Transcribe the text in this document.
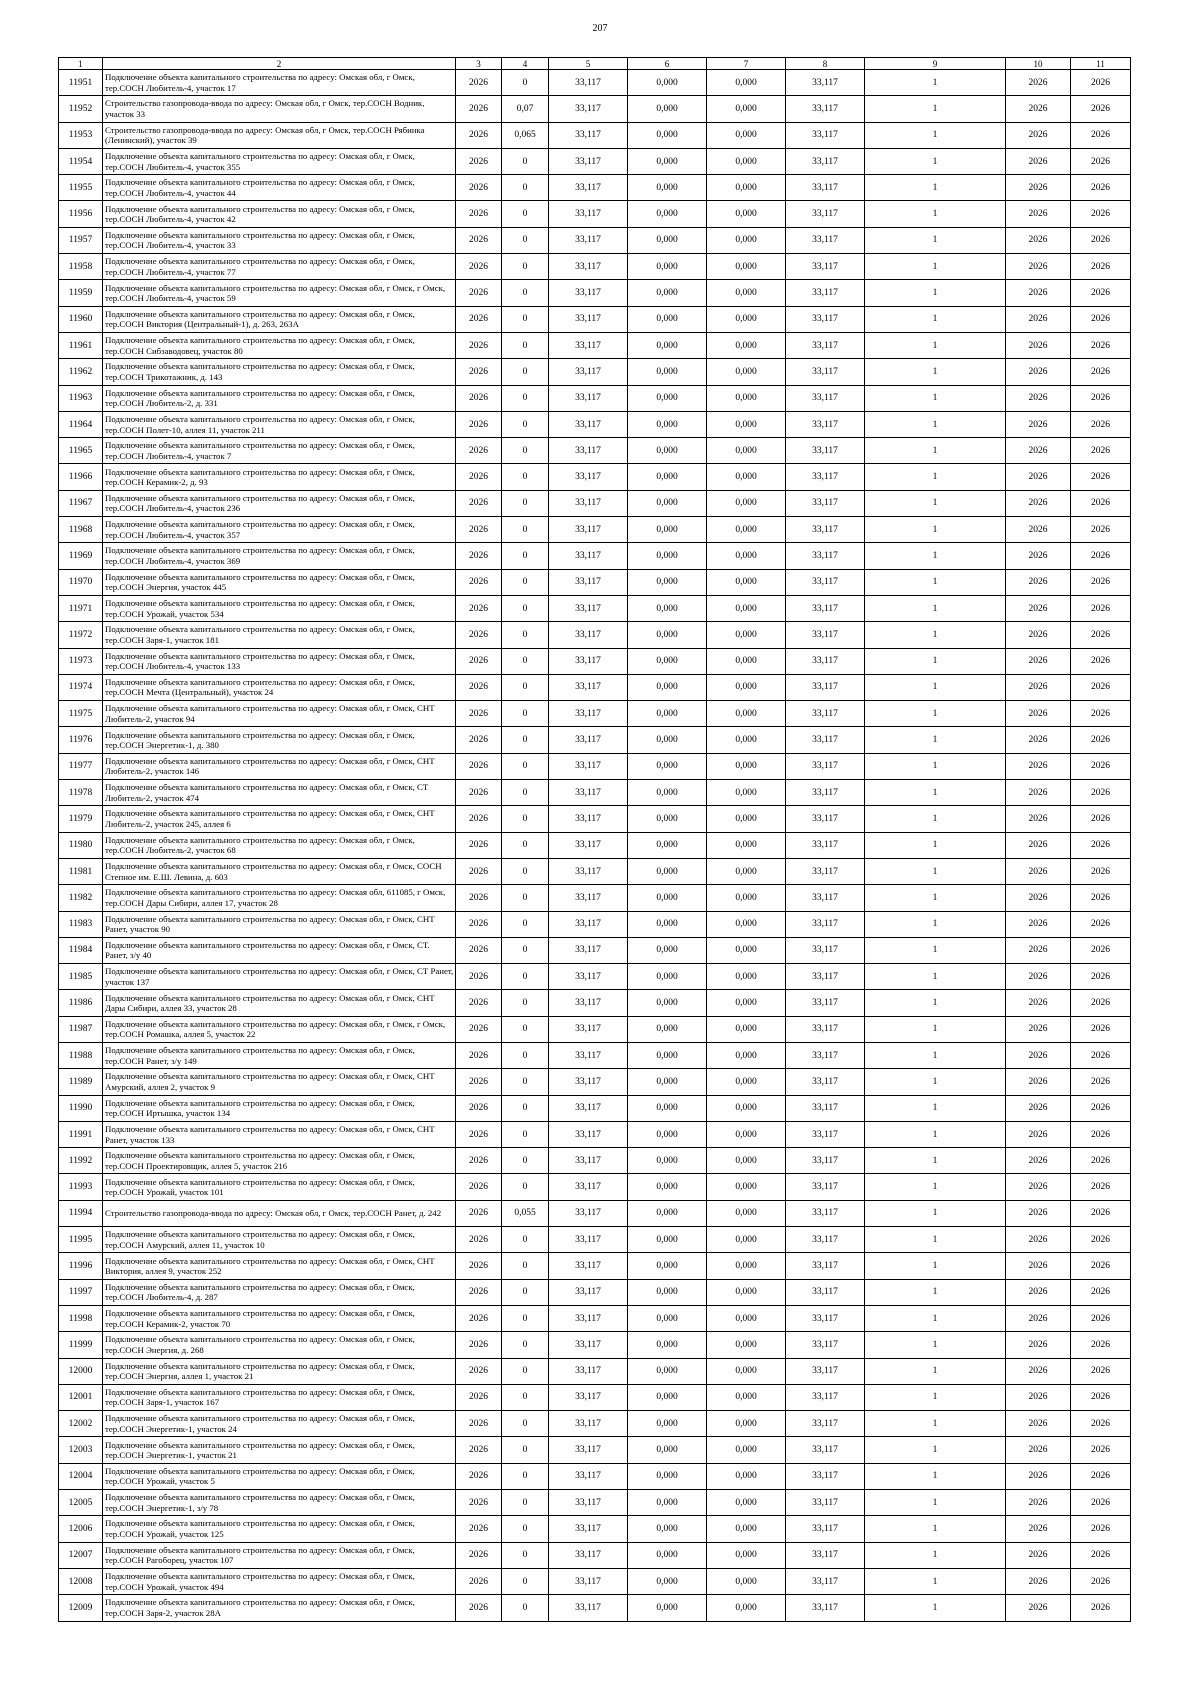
207
1	2	3	4	5	6	7	8	9	10	11
11951	Подключение объекта капитального строительства по адресу: Омская обл, г Омск, тер.СОСН Любитель-4, участок 17	2026	0	33,117	0,000	0,000	33,117	1	2026	2026
11952	Строительство газопровода-ввода по адресу: Омская обл, г Омск, тер.СОСН Водник, участок 33	2026	0,07	33,117	0,000	0,000	33,117	1	2026	2026
11953	Строительство газопровода-ввода по адресу: Омская обл, г Омск, тер.СОСН Рябинка (Ленинский), участок 39	2026	0,065	33,117	0,000	0,000	33,117	1	2026	2026
11954	Подключение объекта капитального строительства по адресу: Омская обл, г Омск, тер.СОСН Любитель-4, участок 355	2026	0	33,117	0,000	0,000	33,117	1	2026	2026
11955	Подключение объекта капитального строительства по адресу: Омская обл, г Омск, тер.СОСН Любитель-4, участок 44	2026	0	33,117	0,000	0,000	33,117	1	2026	2026
11956	Подключение объекта капитального строительства по адресу: Омская обл, г Омск, тер.СОСН Любитель-4, участок 42	2026	0	33,117	0,000	0,000	33,117	1	2026	2026
11957	Подключение объекта капитального строительства по адресу: Омская обл, г Омск, тер.СОСН Любитель-4, участок 33	2026	0	33,117	0,000	0,000	33,117	1	2026	2026
11958	Подключение объекта капитального строительства по адресу: Омская обл, г Омск, тер.СОСН Любитель-4, участок 77	2026	0	33,117	0,000	0,000	33,117	1	2026	2026
11959	Подключение объекта капитального строительства по адресу: Омская обл, г Омск, г Омск, тер.СОСН Любитель-4, участок 59	2026	0	33,117	0,000	0,000	33,117	1	2026	2026
11960	Подключение объекта капитального строительства по адресу: Омская обл, г Омск, тер.СОСН Виктория (Центральный-1), д. 263, 263А	2026	0	33,117	0,000	0,000	33,117	1	2026	2026
11961	Подключение объекта капитального строительства по адресу: Омская обл, г Омск, тер.СОСН Сибзаводовец, участок 80	2026	0	33,117	0,000	0,000	33,117	1	2026	2026
11962	Подключение объекта капитального строительства по адресу: Омская обл, г Омск, тер.СОСН Трикотажник, д. 143	2026	0	33,117	0,000	0,000	33,117	1	2026	2026
11963	Подключение объекта капитального строительства по адресу: Омская обл, г Омск, тер.СОСН Любитель-2, д. 331	2026	0	33,117	0,000	0,000	33,117	1	2026	2026
11964	Подключение объекта капитального строительства по адресу: Омская обл, г Омск, тер.СОСН Полет-10, аллея 11, участок 211	2026	0	33,117	0,000	0,000	33,117	1	2026	2026
11965	Подключение объекта капитального строительства по адресу: Омская обл, г Омск, тер.СОСН Любитель-4, участок 7	2026	0	33,117	0,000	0,000	33,117	1	2026	2026
11966	Подключение объекта капитального строительства по адресу: Омская обл, г Омск, тер.СОСН Керамик-2, д. 93	2026	0	33,117	0,000	0,000	33,117	1	2026	2026
11967	Подключение объекта капитального строительства по адресу: Омская обл, г Омск, тер.СОСН Любитель-4, участок 236	2026	0	33,117	0,000	0,000	33,117	1	2026	2026
11968	Подключение объекта капитального строительства по адресу: Омская обл, г Омск, тер.СОСН Любитель-4, участок 357	2026	0	33,117	0,000	0,000	33,117	1	2026	2026
11969	Подключение объекта капитального строительства по адресу: Омская обл, г Омск, тер.СОСН Любитель-4, участок 369	2026	0	33,117	0,000	0,000	33,117	1	2026	2026
11970	Подключение объекта капитального строительства по адресу: Омская обл, г Омск, тер.СОСН Энергия, участок 445	2026	0	33,117	0,000	0,000	33,117	1	2026	2026
11971	Подключение объекта капитального строительства по адресу: Омская обл, г Омск, тер.СОСН Урожай, участок 534	2026	0	33,117	0,000	0,000	33,117	1	2026	2026
11972	Подключение объекта капитального строительства по адресу: Омская обл, г Омск, тер.СОСН Заря-1, участок 181	2026	0	33,117	0,000	0,000	33,117	1	2026	2026
11973	Подключение объекта капитального строительства по адресу: Омская обл, г Омск, тер.СОСН Любитель-4, участок 133	2026	0	33,117	0,000	0,000	33,117	1	2026	2026
11974	Подключение объекта капитального строительства по адресу: Омская обл, г Омск, тер.СОСН Мечта (Центральный), участок 24	2026	0	33,117	0,000	0,000	33,117	1	2026	2026
11975	Подключение объекта капитального строительства по адресу: Омская обл, г Омск, СНТ Любитель-2, участок 94	2026	0	33,117	0,000	0,000	33,117	1	2026	2026
11976	Подключение объекта капитального строительства по адресу: Омская обл, г Омск, тер.СОСН Энергетик-1, д. 380	2026	0	33,117	0,000	0,000	33,117	1	2026	2026
11977	Подключение объекта капитального строительства по адресу: Омская обл, г Омск, СНТ Любитель-2, участок 146	2026	0	33,117	0,000	0,000	33,117	1	2026	2026
11978	Подключение объекта капитального строительства по адресу: Омская обл, г Омск, СТ Любитель-2, участок 474	2026	0	33,117	0,000	0,000	33,117	1	2026	2026
11979	Подключение объекта капитального строительства по адресу: Омская обл, г Омск, СНТ Любитель-2, участок 245, аллея 6	2026	0	33,117	0,000	0,000	33,117	1	2026	2026
11980	Подключение объекта капитального строительства по адресу: Омская обл, г Омск, тер.СОСН Любитель-2, участок 68	2026	0	33,117	0,000	0,000	33,117	1	2026	2026
11981	Подключение объекта капитального строительства по адресу: Омская обл, г Омск, СОСН Степное им. Е.Ш. Левина, д. 603	2026	0	33,117	0,000	0,000	33,117	1	2026	2026
11982	Подключение объекта капитального строительства по адресу: Омская обл, 611085, г Омск, тер.СОСН Дары Сибири, аллея 17, участок 28	2026	0	33,117	0,000	0,000	33,117	1	2026	2026
11983	Подключение объекта капитального строительства по адресу: Омская обл, г Омск, СНТ Ранет, участок 90	2026	0	33,117	0,000	0,000	33,117	1	2026	2026
11984	Подключение объекта капитального строительства по адресу: Омская обл, г Омск, СТ. Ранет, з/у 40	2026	0	33,117	0,000	0,000	33,117	1	2026	2026
11985	Подключение объекта капитального строительства по адресу: Омская обл, г Омск, СТ Ранет, участок 137	2026	0	33,117	0,000	0,000	33,117	1	2026	2026
11986	Подключение объекта капитального строительства по адресу: Омская обл, г Омск, СНТ Дары Сибири, аллея 33, участок 28	2026	0	33,117	0,000	0,000	33,117	1	2026	2026
11987	Подключение объекта капитального строительства по адресу: Омская обл, г Омск, г Омск, тер.СОСН Ромашка, аллея 5, участок 22	2026	0	33,117	0,000	0,000	33,117	1	2026	2026
11988	Подключение объекта капитального строительства по адресу: Омская обл, г Омск, тер.СОСН Ранет, з/у 149	2026	0	33,117	0,000	0,000	33,117	1	2026	2026
11989	Подключение объекта капитального строительства по адресу: Омская обл, г Омск, СНТ Амурский, аллея 2, участок 9	2026	0	33,117	0,000	0,000	33,117	1	2026	2026
11990	Подключение объекта капитального строительства по адресу: Омская обл, г Омск, тер.СОСН Иртышка, участок 134	2026	0	33,117	0,000	0,000	33,117	1	2026	2026
11991	Подключение объекта капитального строительства по адресу: Омская обл, г Омск, СНТ Ранет, участок 133	2026	0	33,117	0,000	0,000	33,117	1	2026	2026
11992	Подключение объекта капитального строительства по адресу: Омская обл, г Омск, тер.СОСН Проектировщик, аллея 5, участок 216	2026	0	33,117	0,000	0,000	33,117	1	2026	2026
11993	Подключение объекта капитального строительства по адресу: Омская обл, г Омск, тер.СОСН Урожай, участок 101	2026	0	33,117	0,000	0,000	33,117	1	2026	2026
11994	Строительство газопровода-ввода по адресу: Омская обл, г Омск, тер.СОСН Ранет, д. 242	2026	0,055	33,117	0,000	0,000	33,117	1	2026	2026
11995	Подключение объекта капитального строительства по адресу: Омская обл, г Омск, тер.СОСН Амурский, аллея 11, участок 10	2026	0	33,117	0,000	0,000	33,117	1	2026	2026
11996	Подключение объекта капитального строительства по адресу: Омская обл, г Омск, СНТ Виктория, аллея 9, участок 252	2026	0	33,117	0,000	0,000	33,117	1	2026	2026
11997	Подключение объекта капитального строительства по адресу: Омская обл, г Омск, тер.СОСН Любитель-4, д. 287	2026	0	33,117	0,000	0,000	33,117	1	2026	2026
11998	Подключение объекта капитального строительства по адресу: Омская обл, г Омск, тер.СОСН Керамик-2, участок 70	2026	0	33,117	0,000	0,000	33,117	1	2026	2026
11999	Подключение объекта капитального строительства по адресу: Омская обл, г Омск, тер.СОСН Энергия, д. 268	2026	0	33,117	0,000	0,000	33,117	1	2026	2026
12000	Подключение объекта капитального строительства по адресу: Омская обл, г Омск, тер.СОСН Энергия, аллея 1, участок 21	2026	0	33,117	0,000	0,000	33,117	1	2026	2026
12001	Подключение объекта капитального строительства по адресу: Омская обл, г Омск, тер.СОСН Заря-1, участок 167	2026	0	33,117	0,000	0,000	33,117	1	2026	2026
12002	Подключение объекта капитального строительства по адресу: Омская обл, г Омск, тер.СОСН Энергетик-1, участок 24	2026	0	33,117	0,000	0,000	33,117	1	2026	2026
12003	Подключение объекта капитального строительства по адресу: Омская обл, г Омск, тер.СОСН Энергетик-1, участок 21	2026	0	33,117	0,000	0,000	33,117	1	2026	2026
12004	Подключение объекта капитального строительства по адресу: Омская обл, г Омск, тер.СОСН Урожай, участок 5	2026	0	33,117	0,000	0,000	33,117	1	2026	2026
12005	Подключение объекта капитального строительства по адресу: Омская обл, г Омск, тер.СОСН Энергетик-1, з/у 78	2026	0	33,117	0,000	0,000	33,117	1	2026	2026
12006	Подключение объекта капитального строительства по адресу: Омская обл, г Омск, тер.СОСН Урожай, участок 125	2026	0	33,117	0,000	0,000	33,117	1	2026	2026
12007	Подключение объекта капитального строительства по адресу: Омская обл, г Омск, тер.СОСН Рагоборец, участок 107	2026	0	33,117	0,000	0,000	33,117	1	2026	2026
12008	Подключение объекта капитального строительства по адресу: Омская обл, г Омск, тер.СОСН Урожай, участок 494	2026	0	33,117	0,000	0,000	33,117	1	2026	2026
12009	Подключение объекта капитального строительства по адресу: Омская обл, г Омск, тер.СОСН Заря-2, участок 28А	2026	0	33,117	0,000	0,000	33,117	1	2026	2026
